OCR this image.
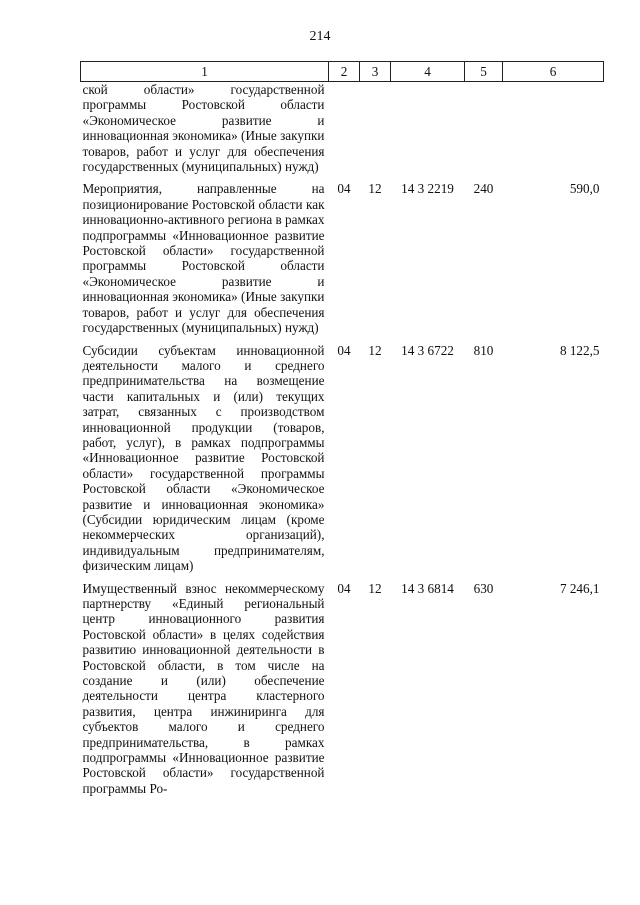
214
1	2	3	4	5	6
ской области» государственной программы Ростовской области «Экономическое развитие и инновационная экономика» (Иные закупки товаров, работ и услуг для обеспечения государственных (муниципальных) нужд)					

Мероприятия, направленные на позиционирование Ростовской области как инновационно-активного региона в рамках подпрограммы «Инновационное развитие Ростовской области» государственной программы Ростовской области «Экономическое развитие и инновационная экономика» (Иные закупки товаров, работ и услуг для обеспечения государственных (муниципальных) нужд)	04	12	14 3 2219	240	590,0

Субсидии субъектам инновационной деятельности малого и среднего предпринимательства на возмещение части капитальных и (или) текущих затрат, связанных с производством инновационной продукции (товаров, работ, услуг), в рамках подпрограммы «Инновационное развитие Ростовской области» государственной программы Ростовской области «Экономическое развитие и инновационная экономика» (Субсидии юридическим лицам (кроме некоммерческих организаций), индивидуальным предпринимателям, физическим лицам)	04	12	14 3 6722	810	8 122,5

Имущественный взнос некоммерческому партнерству «Единый региональный центр инновационного развития Ростовской области» в целях содействия развитию инновационной деятельности в Ростовской области, в том числе на создание и (или) обеспечение деятельности центра кластерного развития, центра инжиниринга для субъектов малого и среднего предпринимательства, в рамках подпрограммы «Инновационное развитие Ростовской области» государственной программы Ро-	04	12	14 3 6814	630	7 246,1
